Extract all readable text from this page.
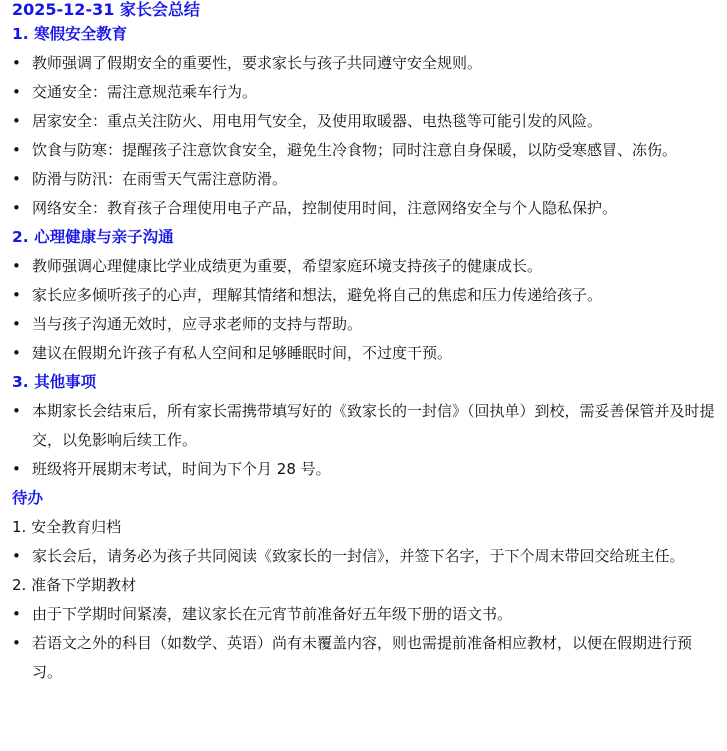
2025-12-31 家长会总结
1. 寒假安全教育
• 教师强调了假期安全的重要性，要求家长与孩子共同遵守安全规则。
• 交通安全：需注意规范乘车行为。
• 居家安全：重点关注防火、用电用气安全，及使用取暖器、电热毯等可能引发的风险。
• 饮食与防寒：提醒孩子注意饮食安全，避免生冷食物；同时注意自身保暖，以防受寒感冒、冻伤。
• 防滑与防汛：在雨雪天气需注意防滑。
• 网络安全：教育孩子合理使用电子产品，控制使用时间，注意网络安全与个人隐私保护。
2. 心理健康与亲子沟通
• 教师强调心理健康比学业成绩更为重要，希望家庭环境支持孩子的健康成长。
• 家长应多倾听孩子的心声，理解其情绪和想法，避免将自己的焦虑和压力传递给孩子。
• 当与孩子沟通无效时，应寻求老师的支持与帮助。
• 建议在假期允许孩子有私人空间和足够睡眠时间，不过度干预。
3. 其他事项
• 本期家长会结束后，所有家长需携带填写好的《致家长的一封信》（回执单）到校，需妥善保管并及时提交，以免影响后续工作。
• 班级将开展期末考试，时间为下个月 28 号。
待办
1. 安全教育归档
• 家长会后，请务必为孩子共同阅读《致家长的一封信》，并签下名字，于下个周末带回交给班主任。
2. 准备下学期教材
• 由于下学期时间紧凑，建议家长在元宵节前准备好五年级下册的语文书。
• 若语文之外的科目（如数学、英语）尚有未覆盖内容，则也需提前准备相应教材，以便在假期进行预习。
